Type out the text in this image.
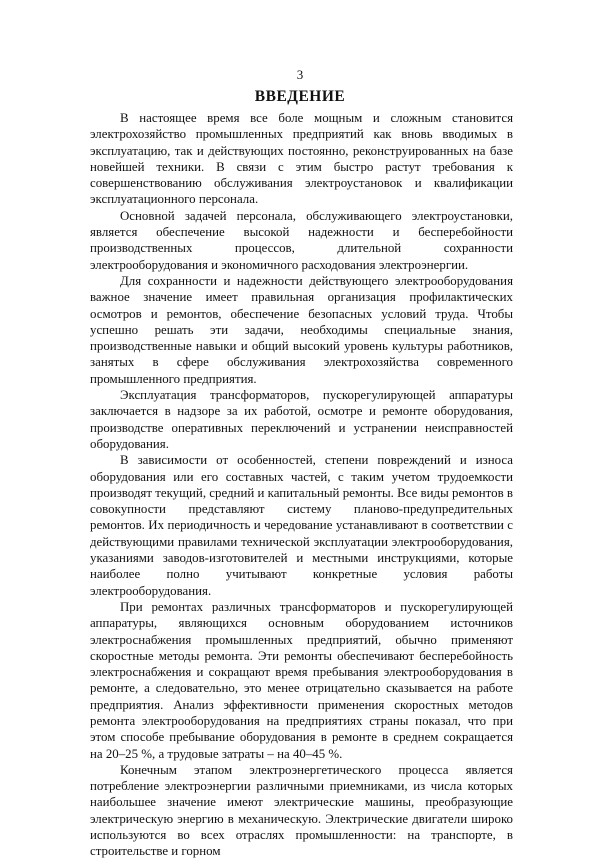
3
ВВЕДЕНИЕ

В настоящее время все боле мощным и сложным становится электрохозяйство промышленных предприятий как вновь вводимых в эксплуатацию, так и действующих постоянно, реконструированных на базе новейшей техники. В связи с этим быстро растут требования к совершенствованию обслуживания электроустановок и квалификации эксплуатационного персонала.

Основной задачей персонала, обслуживающего электроустановки, является обеспечение высокой надежности и бесперебойности производственных процессов, длительной сохранности электрооборудования и экономичного расходования электроэнергии.

Для сохранности и надежности действующего электрооборудования важное значение имеет правильная организация профилактических осмотров и ремонтов, обеспечение безопасных условий труда. Чтобы успешно решать эти задачи, необходимы специальные знания, производственные навыки и общий высокий уровень культуры работников, занятых в сфере обслуживания электрохозяйства современного промышленного предприятия.

Эксплуатация трансформаторов, пускорегулирующей аппаратуры заключается в надзоре за их работой, осмотре и ремонте оборудования, производстве оперативных переключений и устранении неисправностей оборудования.

В зависимости от особенностей, степени повреждений и износа оборудования или его составных частей, с таким учетом трудоемкости производят текущий, средний и капитальный ремонты. Все виды ремонтов в совокупности представляют систему планово-предупредительных ремонтов. Их периодичность и чередование устанавливают в соответствии с действующими правилами технической эксплуатации электрооборудования, указаниями заводов-изготовителей и местными инструкциями, которые наиболее полно учитывают конкретные условия работы электрооборудования.

При ремонтах различных трансформаторов и пускорегулирующей аппаратуры, являющихся основным оборудованием источников электроснабжения промышленных предприятий, обычно применяют скоростные методы ремонта. Эти ремонты обеспечивают бесперебойность электроснабжения и сокращают время пребывания электрооборудования в ремонте, а следовательно, это менее отрицательно сказывается на работе предприятия. Анализ эффективности применения скоростных методов ремонта электрооборудования на предприятиях страны показал, что при этом способе пребывание оборудования в ремонте в среднем сокращается на 20–25 %, а трудовые затраты – на 40–45 %.

Конечным этапом электроэнергетического процесса является потребление электроэнергии различными приемниками, из числа которых наибольшее значение имеют электрические машины, преобразующие электрическую энергию в механическую. Электрические двигатели широко используются во всех отраслях промышленности: на транспорте, в строительстве и горном
